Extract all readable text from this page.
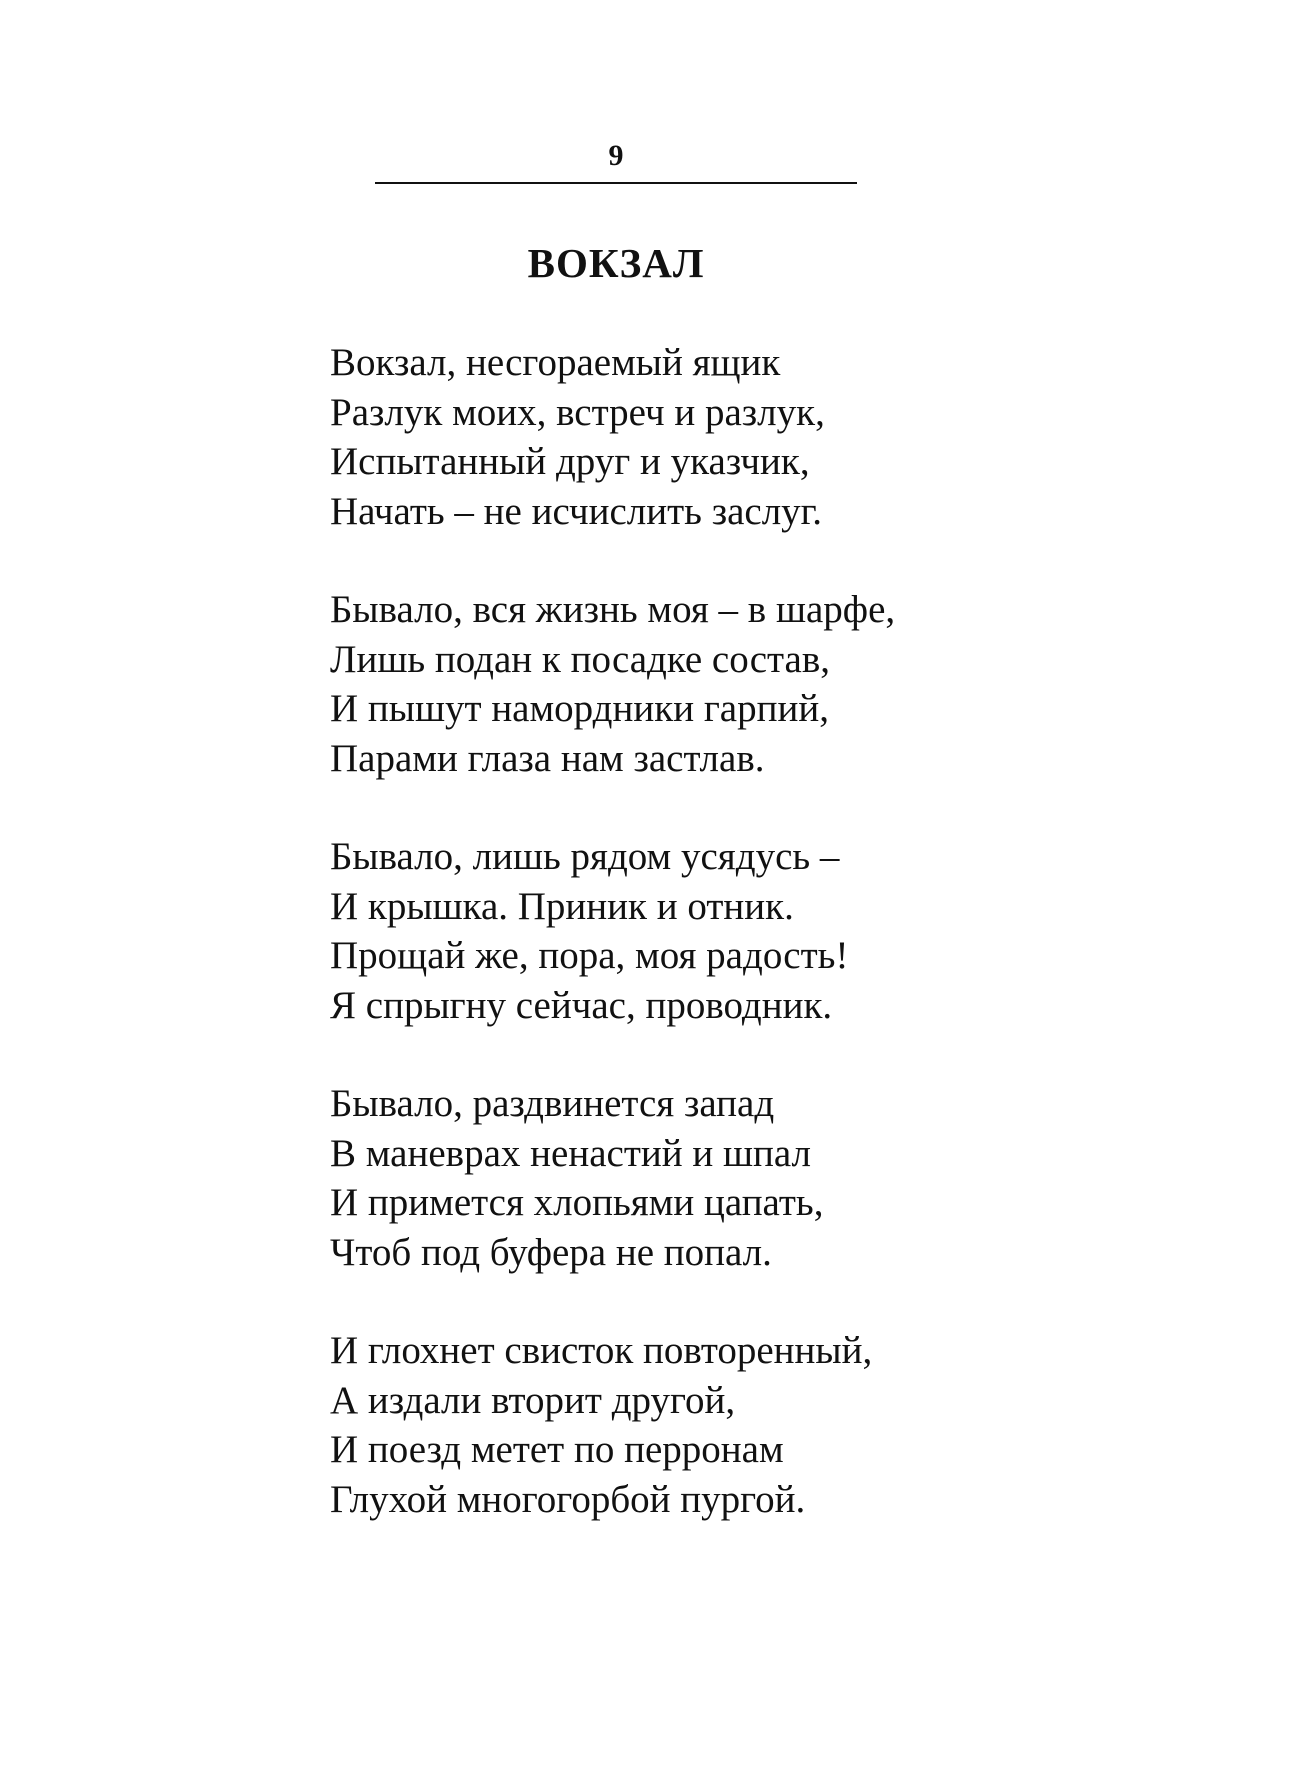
9
ВОКЗАЛ
Вокзал, несгораемый ящик
Разлук моих, встреч и разлук,
Испытанный друг и указчик,
Начать – не исчислить заслуг.
Бывало, вся жизнь моя – в шарфе,
Лишь подан к посадке состав,
И пышут намордники гарпий,
Парами глаза нам застлав.
Бывало, лишь рядом усядусь –
И крышка. Приник и отник.
Прощай же, пора, моя радость!
Я спрыгну сейчас, проводник.
Бывало, раздвинется запад
В маневрах ненастий и шпал
И примется хлопьями цапать,
Чтоб под буфера не попал.
И глохнет свисток повторенный,
А издали вторит другой,
И поезд метет по перронам
Глухой многогорбой пургой.
